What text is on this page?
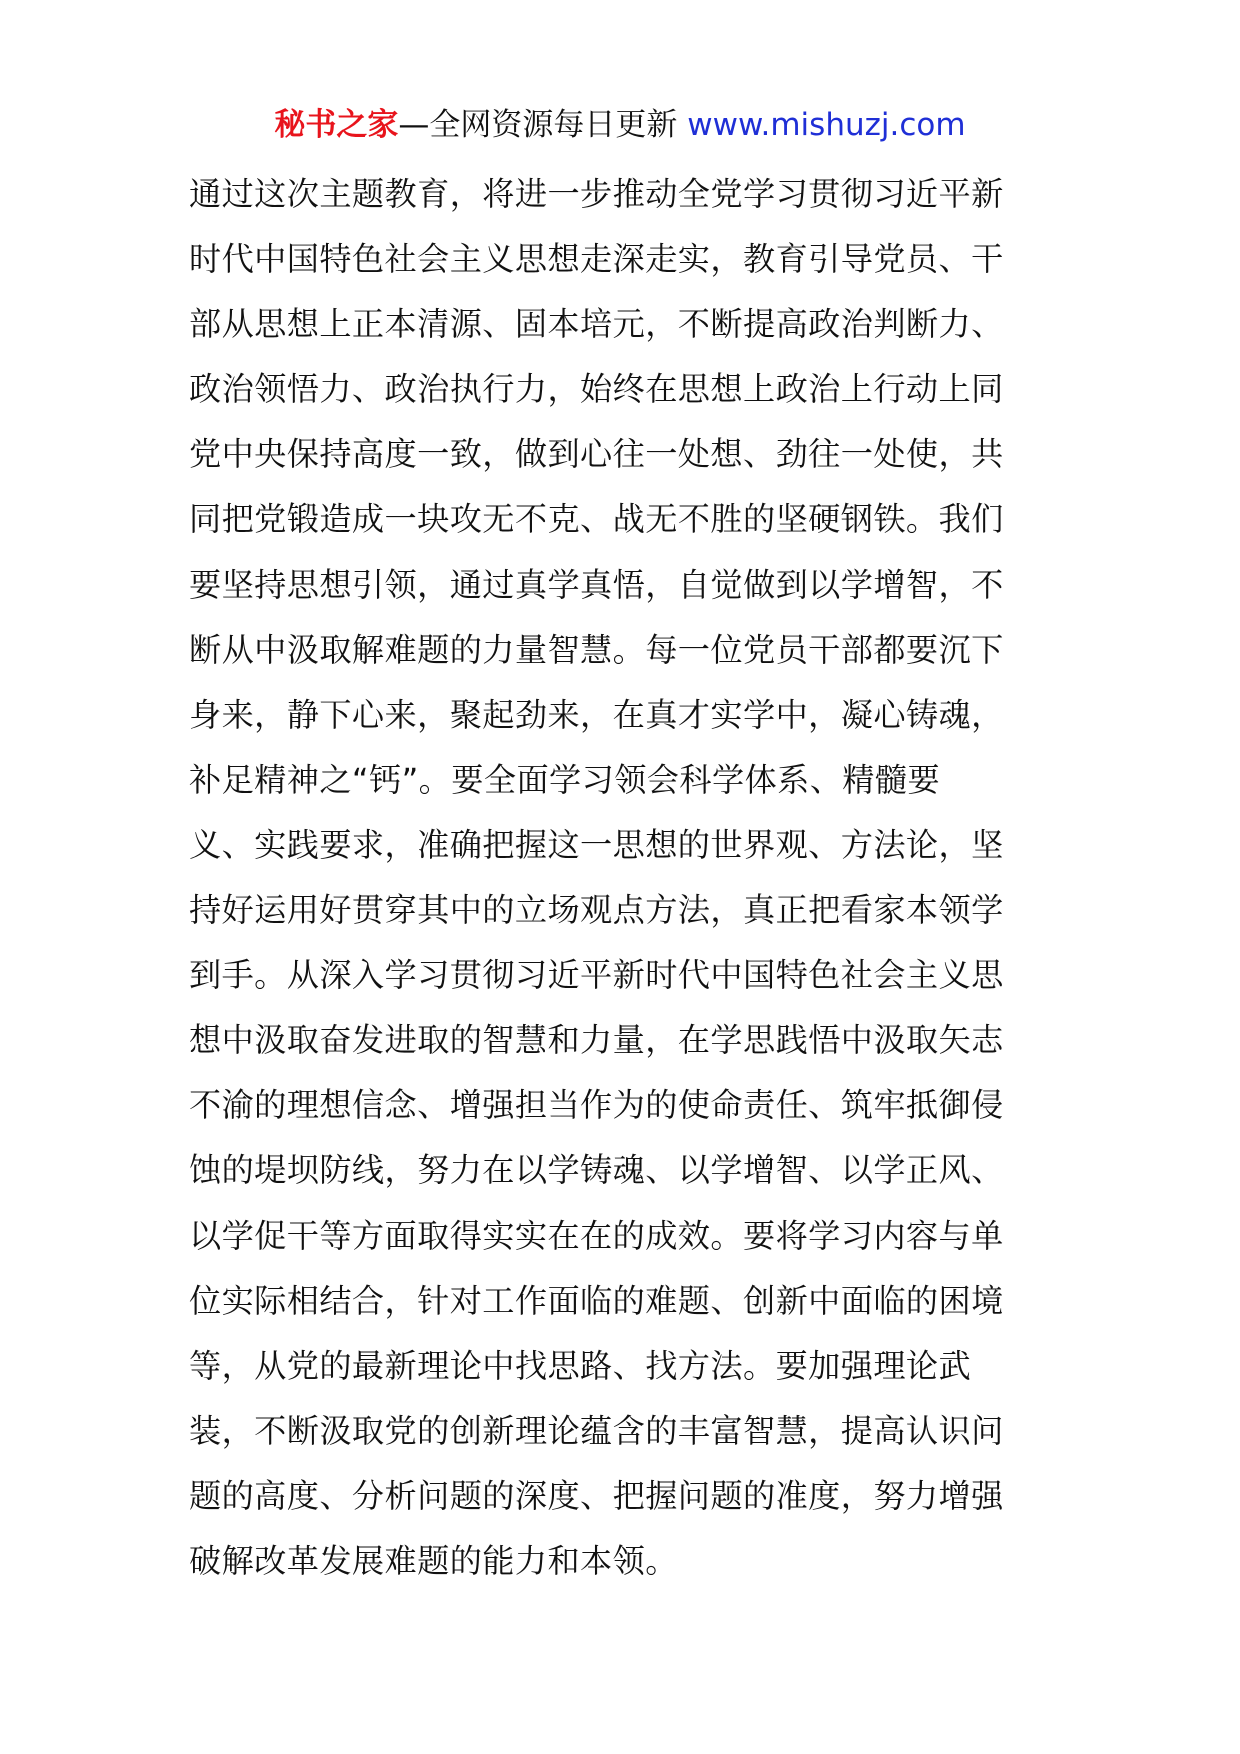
秘书之家—全网资源每日更新 www.mishuzj.com
通过这次主题教育，将进一步推动全党学习贯彻习近平新
时代中国特色社会主义思想走深走实，教育引导党员、干
部从思想上正本清源、固本培元，不断提高政治判断力、
政治领悟力、政治执行力，始终在思想上政治上行动上同
党中央保持高度一致，做到心往一处想、劲往一处使，共
同把党锻造成一块攻无不克、战无不胜的坚硬钢铁。我们
要坚持思想引领，通过真学真悟，自觉做到以学增智，不
断从中汲取解难题的力量智慧。每一位党员干部都要沉下
身来，静下心来，聚起劲来，在真才实学中，凝心铸魂，
补足精神之“钙”。要全面学习领会科学体系、精髓要
义、实践要求，准确把握这一思想的世界观、方法论，坚
持好运用好贯穿其中的立场观点方法，真正把看家本领学
到手。从深入学习贯彻习近平新时代中国特色社会主义思
想中汲取奋发进取的智慧和力量，在学思践悟中汲取矢志
不渝的理想信念、增强担当作为的使命责任、筑牢抵御侵
蚀的堤坝防线，努力在以学铸魂、以学增智、以学正风、
以学促干等方面取得实实在在的成效。要将学习内容与单
位实际相结合，针对工作面临的难题、创新中面临的困境
等，从党的最新理论中找思路、找方法。要加强理论武
装，不断汲取党的创新理论蕴含的丰富智慧，提高认识问
题的高度、分析问题的深度、把握问题的准度，努力增强
破解改革发展难题的能力和本领。
